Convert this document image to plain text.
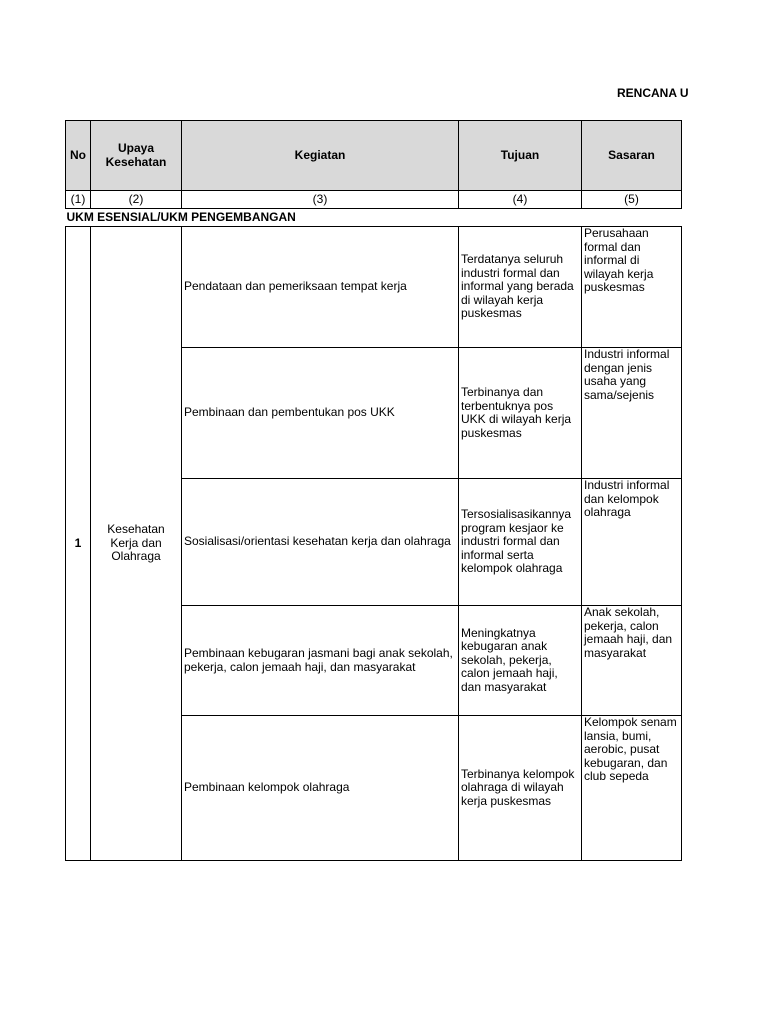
RENCANA U
No	Upaya Kesehatan	Kegiatan	Tujuan	Sasaran
(1)	(2)	(3)	(4)	(5)
UKM ESENSIAL/UKM PENGEMBANGAN				
1	Kesehatan Kerja dan Olahraga	Pendataan dan pemeriksaan tempat kerja	Terdatanya seluruh industri formal dan informal yang berada di wilayah kerja puskesmas	Perusahaan formal dan informal di wilayah kerja puskesmas
		Pembinaan dan pembentukan pos UKK	Terbinanya dan terbentuknya pos UKK di wilayah kerja puskesmas	Industri informal dengan jenis usaha yang sama/sejenis
		Sosialisasi/orientasi kesehatan kerja dan olahraga	Tersosialisasikannya program kesjaor ke industri formal dan informal serta kelompok olahraga	Industri informal dan kelompok olahraga
		Pembinaan kebugaran jasmani bagi anak sekolah, pekerja, calon jemaah haji, dan masyarakat	Meningkatnya kebugaran anak sekolah, pekerja, calon jemaah haji, dan masyarakat	Anak sekolah, pekerja, calon jemaah haji, dan masyarakat
		Pembinaan kelompok olahraga	Terbinanya kelompok olahraga di wilayah kerja puskesmas	Kelompok senam lansia, bumi, aerobic, pusat kebugaran, dan club sepeda
